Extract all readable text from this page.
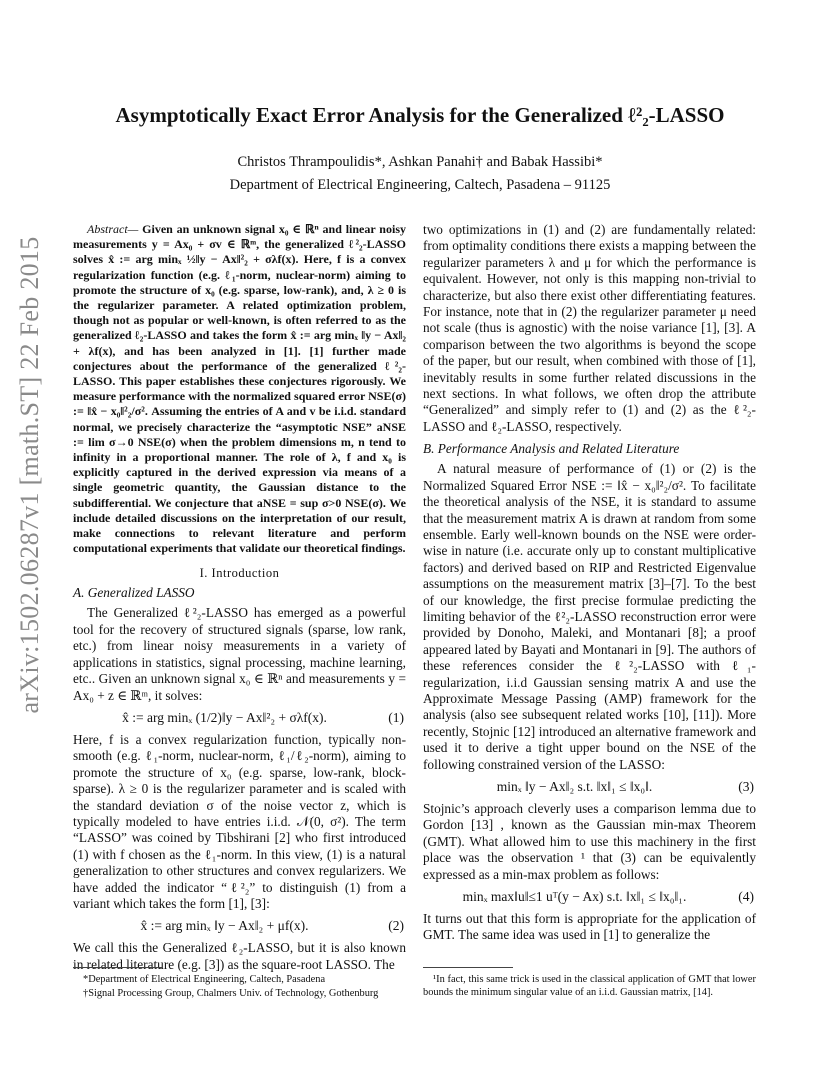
arXiv:1502.06287v1 [math.ST] 22 Feb 2015
Asymptotically Exact Error Analysis for the Generalized ℓ²₂-LASSO
Christos Thrampoulidis*, Ashkan Panahi† and Babak Hassibi*
Department of Electrical Engineering, Caltech, Pasadena – 91125

Abstract— Given an unknown signal x₀ ∈ ℝⁿ and linear noisy measurements y = Ax₀ + σv ∈ ℝᵐ, the generalized ℓ²₂-LASSO solves x̂ := arg minₓ ½‖y − Ax‖²₂ + σλf(x). Here, f is a convex regularization function (e.g. ℓ₁-norm, nuclear-norm) aiming to promote the structure of x₀ (e.g. sparse, low-rank), and, λ ≥ 0 is the regularizer parameter. A related optimization problem, though not as popular or well-known, is often referred to as the generalized ℓ₂-LASSO and takes the form x̂ := arg minₓ ‖y − Ax‖₂ + λf(x), and has been analyzed in [1]. [1] further made conjectures about the performance of the generalized ℓ²₂-LASSO. This paper establishes these conjectures rigorously. We measure performance with the normalized squared error NSE(σ) := ‖x̂ − x₀‖²₂/σ². Assuming the entries of A and v be i.i.d. standard normal, we precisely characterize the “asymptotic NSE” aNSE := lim σ→0 NSE(σ) when the problem dimensions m, n tend to infinity in a proportional manner. The role of λ, f and x₀ is explicitly captured in the derived expression via means of a single geometric quantity, the Gaussian distance to the subdifferential. We conjecture that aNSE = sup σ>0 NSE(σ). We include detailed discussions on the interpretation of our result, make connections to relevant literature and perform computational experiments that validate our theoretical findings.

I. Introduction
A. Generalized LASSO

The Generalized ℓ²₂-LASSO has emerged as a powerful tool for the recovery of structured signals (sparse, low rank, etc.) from linear noisy measurements in a variety of applications in statistics, signal processing, machine learning, etc.. Given an unknown signal x₀ ∈ ℝⁿ and measurements y = Ax₀ + z ∈ ℝᵐ, it solves:

x̂ := arg minₓ (1/2)‖y − Ax‖²₂ + σλf(x).	(1)

Here, f is a convex regularization function, typically non-smooth (e.g. ℓ₁-norm, nuclear-norm, ℓ₁/ℓ₂-norm), aiming to promote the structure of x₀ (e.g. sparse, low-rank, block-sparse). λ ≥ 0 is the regularizer parameter and is scaled with the standard deviation σ of the noise vector z, which is typically modeled to have entries i.i.d. 𝒩(0, σ²). The term “LASSO” was coined by Tibshirani [2] who first introduced (1) with f chosen as the ℓ₁-norm. In this view, (1) is a natural generalization to other structures and convex regularizers. We have added the indicator “ℓ²₂” to distinguish (1) from a variant which takes the form [1], [3]:

x̂ := arg minₓ ‖y − Ax‖₂ + μf(x).	(2)

We call this the Generalized ℓ₂-LASSO, but it is also known in related literature (e.g. [3]) as the square-root LASSO. The

two optimizations in (1) and (2) are fundamentally related: from optimality conditions there exists a mapping between the regularizer parameters λ and μ for which the performance is equivalent. However, not only is this mapping non-trivial to characterize, but also there exist other differentiating features. For instance, note that in (2) the regularizer parameter μ need not scale (thus is agnostic) with the noise variance [1], [3]. A comparison between the two algorithms is beyond the scope of the paper, but our result, when combined with those of [1], inevitably results in some further related discussions in the next sections. In what follows, we often drop the attribute “Generalized” and simply refer to (1) and (2) as the ℓ²₂-LASSO and ℓ₂-LASSO, respectively.

B. Performance Analysis and Related Literature

A natural measure of performance of (1) or (2) is the Normalized Squared Error NSE := ‖x̂ − x₀‖²₂/σ². To facilitate the theoretical analysis of the NSE, it is standard to assume that the measurement matrix A is drawn at random from some ensemble. Early well-known bounds on the NSE were order-wise in nature (i.e. accurate only up to constant multiplicative factors) and derived based on RIP and Restricted Eigenvalue assumptions on the measurement matrix [3]–[7]. To the best of our knowledge, the first precise formulae predicting the limiting behavior of the ℓ²₂-LASSO reconstruction error were provided by Donoho, Maleki, and Montanari [8]; a proof appeared lated by Bayati and Montanari in [9]. The authors of these references consider the ℓ²₂-LASSO with ℓ₁-regularization, i.i.d Gaussian sensing matrix A and use the Approximate Message Passing (AMP) framework for the analysis (also see subsequent related works [10], [11]). More recently, Stojnic [12] introduced an alternative framework and used it to derive a tight upper bound on the NSE of the following constrained version of the LASSO:

minₓ ‖y − Ax‖₂ s.t. ‖x‖₁ ≤ ‖x₀‖.	(3)

Stojnic’s approach cleverly uses a comparison lemma due to Gordon [13] , known as the Gaussian min-max Theorem (GMT). What allowed him to use this machinery in the first place was the observation ¹ that (3) can be equivalently expressed as a min-max problem as follows:

minₓ max‖u‖≤1 uᵀ(y − Ax) s.t. ‖x‖₁ ≤ ‖x₀‖₁.	(4)

It turns out that this form is appropriate for the application of GMT. The same idea was used in [1] to generalize the

*Department of Electrical Engineering, Caltech, Pasadena

†Signal Processing Group, Chalmers Univ. of Technology, Gothenburg

¹In fact, this same trick is used in the classical application of GMT that lower bounds the minimum singular value of an i.i.d. Gaussian matrix, [14].
